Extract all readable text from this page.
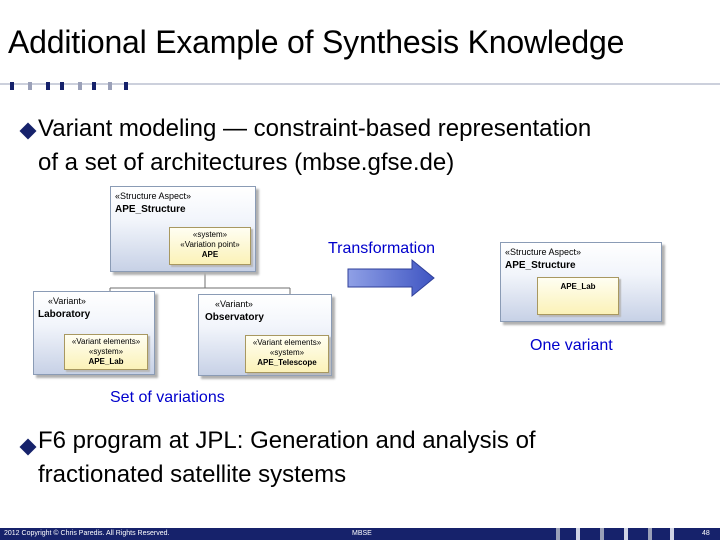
Additional Example of Synthesis Knowledge
Variant modeling — constraint-based representation
of a set of architectures (mbse.gfse.de)
«Structure Aspect»
APE_Structure
«system»
«Variation point»
APE
«Variant»
Laboratory
«Variant elements»
«system»
APE_Lab
«Variant»
Observatory
«Variant elements»
«system»
APE_Telescope
Transformation	«Structure Aspect»
APE_Structure
APE_Lab
One variant
Set of variations
F6 program at JPL: Generation and analysis of
fractionated satellite systems
2012 Copyright © Chris Paredis. All Rights Reserved.	MBSE	48
